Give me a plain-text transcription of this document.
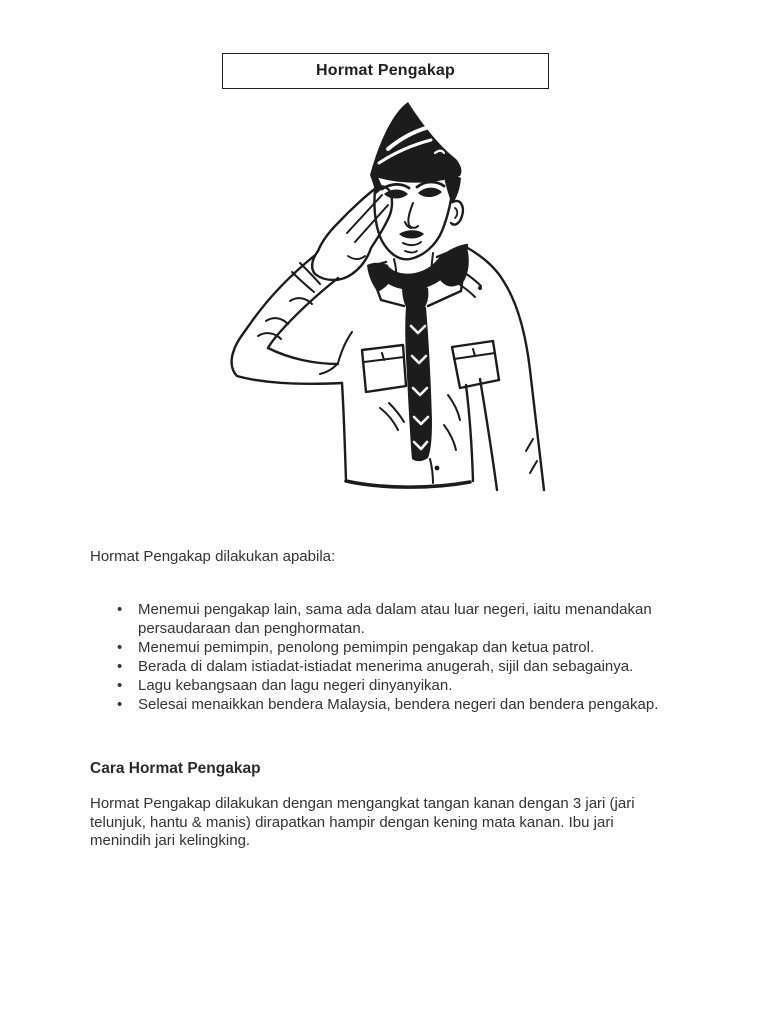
Hormat Pengakap

Hormat Pengakap dilakukan apabila:

•	Menemui pengakap lain, sama ada dalam atau luar negeri, iaitu menandakan persaudaraan dan penghormatan.
•	Menemui pemimpin, penolong pemimpin pengakap dan ketua patrol.
•	Berada di dalam istiadat-istiadat menerima anugerah, sijil dan sebagainya.
•	Lagu kebangsaan dan lagu negeri dinyanyikan.
•	Selesai menaikkan bendera Malaysia, bendera negeri dan bendera pengakap.
Cara Hormat Pengakap

Hormat Pengakap dilakukan dengan mengangkat tangan kanan dengan 3 jari (jari telunjuk, hantu & manis) dirapatkan hampir dengan kening mata kanan. Ibu jari menindih jari kelingking.
